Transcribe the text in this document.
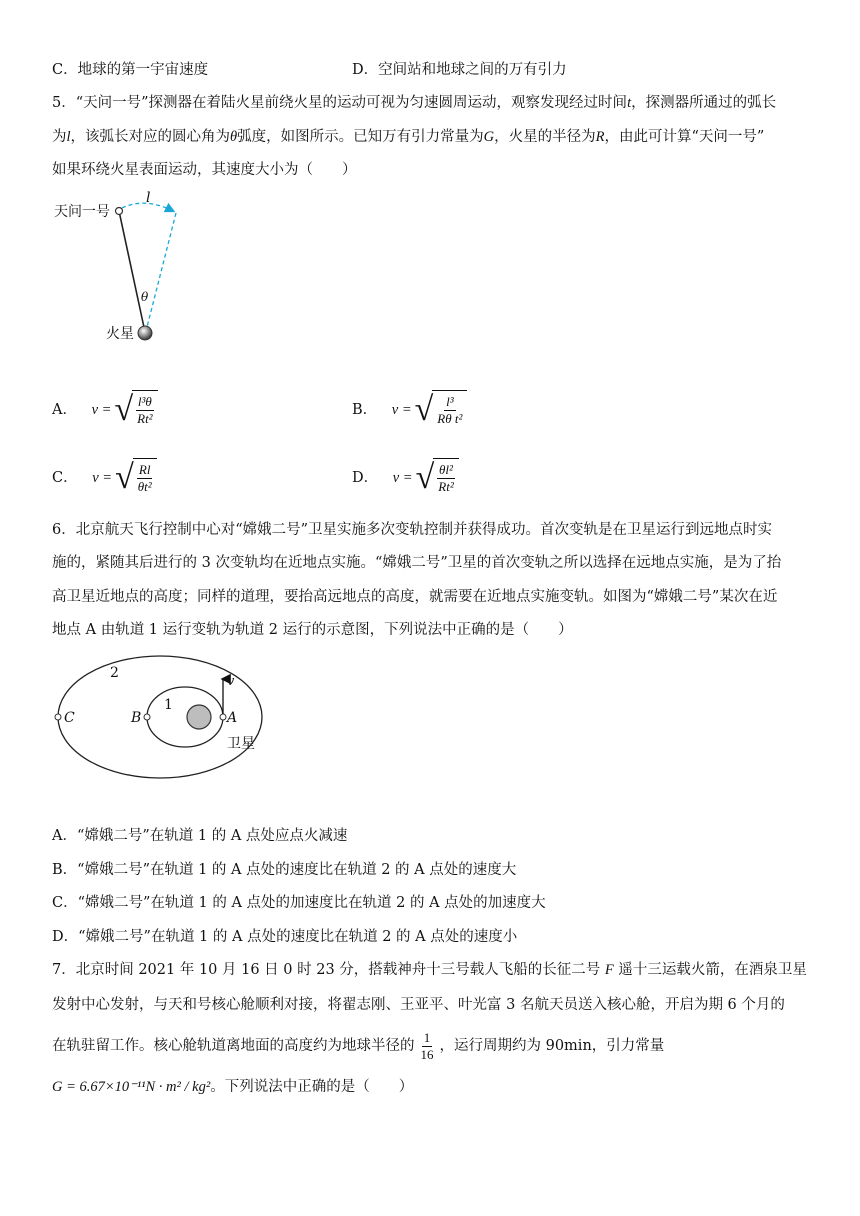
C．地球的第一宇宙速度	D．空间站和地球之间的万有引力
5．“天问一号”探测器在着陆火星前绕火星的运动可视为匀速圆周运动，观察发现经过时间t，探测器所通过的弧长
为l，该弧长对应的圆心角为θ弧度，如图所示。已知万有引力常量为G，火星的半径为R，由此可计算“天问一号”
如果环绕火星表面运动，其速度大小为（　　）
天问一号
l
θ
火星
A． v = √ $\frac{\text{l³θ}}{\text{Rt²}}$	B． v = √ $\frac{\text{l³}}{\text{Rθ t²}}$
C． v = √ $\frac{Rl}{\text{θt²}}$	D． v = √ $\frac{\text{θl²}}{\text{Rt²}}$
6．北京航天飞行控制中心对“嫦娥二号”卫星实施多次变轨控制并获得成功。首次变轨是在卫星运行到远地点时实
施的，紧随其后进行的 3 次变轨均在近地点实施。“嫦娥二号”卫星的首次变轨之所以选择在远地点实施，是为了抬
高卫星近地点的高度；同样的道理，要抬高远地点的高度，就需要在近地点实施变轨。如图为“嫦娥二号”某次在近
地点 A 由轨道 1 运行变轨为轨道 2 运行的示意图，下列说法中正确的是（　　）
v
2
1
C	B	A
卫星
A．“嫦娥二号”在轨道 1 的 A 点处应点火减速
B．“嫦娥二号”在轨道 1 的 A 点处的速度比在轨道 2 的 A 点处的速度大
C．“嫦娥二号”在轨道 1 的 A 点处的加速度比在轨道 2 的 A 点处的加速度大
D．“嫦娥二号”在轨道 1 的 A 点处的速度比在轨道 2 的 A 点处的速度小
7．北京时间 2021 年 10 月 16 日 0 时 23 分，搭载神舟十三号载人飞船的长征二号 F 遥十三运载火箭，在酒泉卫星
发射中心发射，与天和号核心舱顺利对接，将翟志刚、王亚平、叶光富 3 名航天员送入核心舱，开启为期 6 个月的
在轨驻留工作。核心舱轨道离地面的高度约为地球半径的 $\frac{1}{16}$ ，运行周期约为 90min，引力常量
G = 6.67×10⁻¹¹N · m² / kg²。下列说法中正确的是（　　）
